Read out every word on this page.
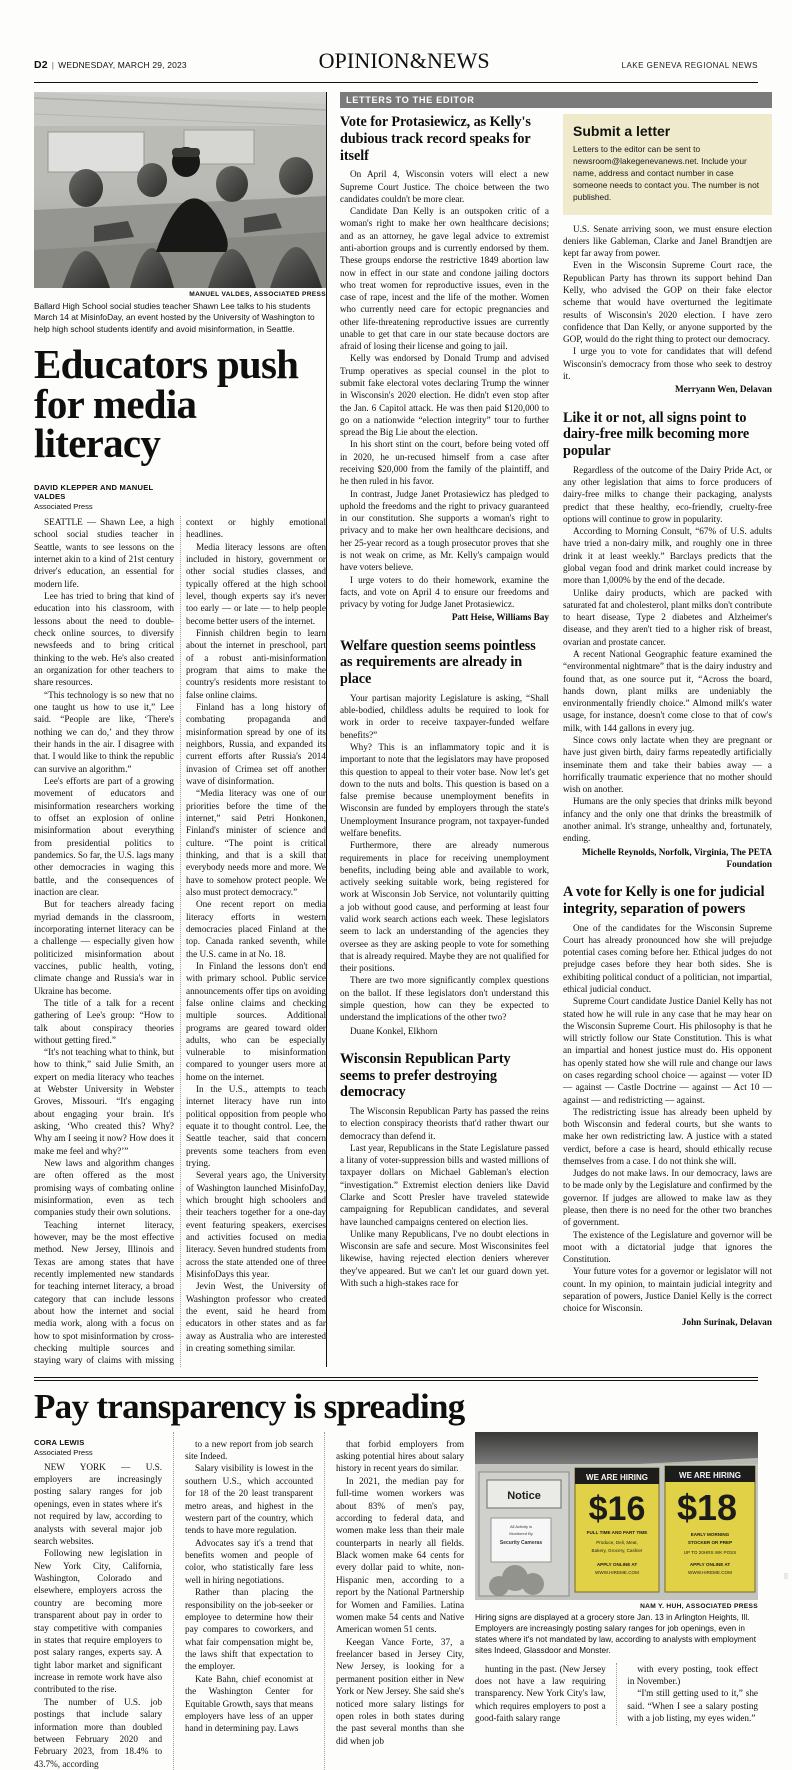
D2 | WEDNESDAY, MARCH 29, 2023	OPINION&NEWS	LAKE GENEVA REGIONAL NEWS
MANUEL VALDES, ASSOCIATED PRESS
Ballard High School social studies teacher Shawn Lee talks to his students March 14 at MisinfoDay, an event hosted by the University of Washington to help high school students identify and avoid misinformation, in Seattle.
Educators push for media literacy
DAVID KLEPPER AND MANUEL VALDES
Associated Press

SEATTLE — Shawn Lee, a high school social studies teacher in Seattle, wants to see lessons on the internet akin to a kind of 21st century driver's education, an essential for modern life.

Lee has tried to bring that kind of education into his classroom, with lessons about the need to double-check online sources, to diversify newsfeeds and to bring critical thinking to the web. He's also created an organization for other teachers to share resources.

“This technology is so new that no one taught us how to use it,” Lee said. “People are like, ‘There's nothing we can do,’ and they throw their hands in the air. I disagree with that. I would like to think the republic can survive an algorithm.”

Lee's efforts are part of a growing movement of educators and misinformation researchers working to offset an explosion of online misinformation about everything from presidential politics to pandemics. So far, the U.S. lags many other democracies in waging this battle, and the consequences of inaction are clear.

But for teachers already facing myriad demands in the classroom, incorporating internet literacy can be a challenge — especially given how politicized misinformation about vaccines, public health, voting, climate change and Russia's war in Ukraine has become.

The title of a talk for a recent gathering of Lee's group: “How to talk about conspiracy theories without getting fired.”

“It's not teaching what to think, but how to think,” said Julie Smith, an expert on media literacy who teaches at Webster University in Webster Groves, Missouri. “It's engaging about engaging your brain. It's asking, ‘Who created this? Why? Why am I seeing it now? How does it make me feel and why?’”

New laws and algorithm changes are often offered as the most promising ways of combating online misinformation, even as tech companies study their own solutions.

Teaching internet literacy, however, may be the most effective method. New Jersey, Illinois and Texas are among states that have recently implemented new standards for teaching internet literacy, a broad category that can include lessons about how the internet and social media work, along with a focus on how to spot misinformation by cross-checking multiple sources and staying wary of claims with missing context or highly emotional headlines.

Media literacy lessons are often included in history, government or other social studies classes, and typically offered at the high school level, though experts say it's never too early — or late — to help people become better users of the internet.

Finnish children begin to learn about the internet in preschool, part of a robust anti-misinformation program that aims to make the country's residents more resistant to false online claims.

Finland has a long history of combating propaganda and misinformation spread by one of its neighbors, Russia, and expanded its current efforts after Russia's 2014 invasion of Crimea set off another wave of disinformation.

“Media literacy was one of our priorities before the time of the internet,” said Petri Honkonen, Finland's minister of science and culture. “The point is critical thinking, and that is a skill that everybody needs more and more. We have to somehow protect people. We also must protect democracy.”

One recent report on media literacy efforts in western democracies placed Finland at the top. Canada ranked seventh, while the U.S. came in at No. 18.

In Finland the lessons don't end with primary school. Public service announcements offer tips on avoiding false online claims and checking multiple sources. Additional programs are geared toward older adults, who can be especially vulnerable to misinformation compared to younger users more at home on the internet.

In the U.S., attempts to teach internet literacy have run into political opposition from people who equate it to thought control. Lee, the Seattle teacher, said that concern prevents some teachers from even trying.

Several years ago, the University of Washington launched MisinfoDay, which brought high schoolers and their teachers together for a one-day event featuring speakers, exercises and activities focused on media literacy. Seven hundred students from across the state attended one of three MisinfoDays this year.

Jevin West, the University of Washington professor who created the event, said he heard from educators in other states and as far away as Australia who are interested in creating something similar.

LETTERS TO THE EDITOR
Vote for Protasiewicz, as Kelly's dubious track record speaks for itself

On April 4, Wisconsin voters will elect a new Supreme Court Justice. The choice between the two candidates couldn't be more clear.

Candidate Dan Kelly is an outspoken critic of a woman's right to make her own healthcare decisions; and as an attorney, he gave legal advice to extremist anti-abortion groups and is currently endorsed by them. These groups endorse the restrictive 1849 abortion law now in effect in our state and condone jailing doctors who treat women for reproductive issues, even in the case of rape, incest and the life of the mother. Women who currently need care for ectopic pregnancies and other life-threatening reproductive issues are currently unable to get that care in our state because doctors are afraid of losing their license and going to jail.

Kelly was endorsed by Donald Trump and advised Trump operatives as special counsel in the plot to submit fake electoral votes declaring Trump the winner in Wisconsin's 2020 election. He didn't even stop after the Jan. 6 Capitol attack. He was then paid $120,000 to go on a nationwide “election integrity” tour to further spread the Big Lie about the election.

In his short stint on the court, before being voted off in 2020, he un-recused himself from a case after receiving $20,000 from the family of the plaintiff, and he then ruled in his favor.

In contrast, Judge Janet Protasiewicz has pledged to uphold the freedoms and the right to privacy guaranteed in our constitution. She supports a woman's right to privacy and to make her own healthcare decisions, and her 25-year record as a tough prosecutor proves that she is not weak on crime, as Mr. Kelly's campaign would have voters believe.

I urge voters to do their homework, examine the facts, and vote on April 4 to ensure our freedoms and privacy by voting for Judge Janet Protasiewicz.

Patt Heise, Williams Bay
Welfare question seems pointless as requirements are already in place

Your partisan majority Legislature is asking, “Shall able-bodied, childless adults be required to look for work in order to receive taxpayer-funded welfare benefits?”

Why? This is an inflammatory topic and it is important to note that the legislators may have proposed this question to appeal to their voter base. Now let's get down to the nuts and bolts. This question is based on a false premise because unemployment benefits in Wisconsin are funded by employers through the state's Unemployment Insurance program, not taxpayer-funded welfare benefits.

Furthermore, there are already numerous requirements in place for receiving unemployment benefits, including being able and available to work, actively seeking suitable work, being registered for work at Wisconsin Job Service, not voluntarily quitting a job without good cause, and performing at least four valid work search actions each week. These legislators seem to lack an understanding of the agencies they oversee as they are asking people to vote for something that is already required. Maybe they are not qualified for their positions.

There are two more significantly complex questions on the ballot. If these legislators don't understand this simple question, how can they be expected to understand the implications of the other two?

Duane Konkel, Elkhorn
Wisconsin Republican Party seems to prefer destroying democracy

The Wisconsin Republican Party has passed the reins to election conspiracy theorists that'd rather thwart our democracy than defend it.

Last year, Republicans in the State Legislature passed a litany of voter-suppression bills and wasted millions of taxpayer dollars on Michael Gableman's election “investigation.” Extremist election deniers like David Clarke and Scott Presler have traveled statewide campaigning for Republican candidates, and several have launched campaigns centered on election lies.

Unlike many Republicans, I've no doubt elections in Wisconsin are safe and secure. Most Wisconsinites feel likewise, having rejected election deniers wherever they've appeared. But we can't let our guard down yet. With such a high-stakes race for

Submit a letter

Letters to the editor can be sent to newsroom@lakegenevanews.net. Include your name, address and contact number in case someone needs to contact you. The number is not published.

U.S. Senate arriving soon, we must ensure election deniers like Gableman, Clarke and Janel Brandtjen are kept far away from power.

Even in the Wisconsin Supreme Court race, the Republican Party has thrown its support behind Dan Kelly, who advised the GOP on their fake elector scheme that would have overturned the legitimate results of Wisconsin's 2020 election. I have zero confidence that Dan Kelly, or anyone supported by the GOP, would do the right thing to protect our democracy.

I urge you to vote for candidates that will defend Wisconsin's democracy from those who seek to destroy it.

Merryann Wen, Delavan
Like it or not, all signs point to dairy-free milk becoming more popular

Regardless of the outcome of the Dairy Pride Act, or any other legislation that aims to force producers of dairy-free milks to change their packaging, analysts predict that these healthy, eco-friendly, cruelty-free options will continue to grow in popularity.

According to Morning Consult, “67% of U.S. adults have tried a non-dairy milk, and roughly one in three drink it at least weekly.” Barclays predicts that the global vegan food and drink market could increase by more than 1,000% by the end of the decade.

Unlike dairy products, which are packed with saturated fat and cholesterol, plant milks don't contribute to heart disease, Type 2 diabetes and Alzheimer's disease, and they aren't tied to a higher risk of breast, ovarian and prostate cancer.

A recent National Geographic feature examined the “environmental nightmare” that is the dairy industry and found that, as one source put it, “Across the board, hands down, plant milks are undeniably the environmentally friendly choice.” Almond milk's water usage, for instance, doesn't come close to that of cow's milk, with 144 gallons in every jug.

Since cows only lactate when they are pregnant or have just given birth, dairy farms repeatedly artificially inseminate them and take their babies away — a horrifically traumatic experience that no mother should wish on another.

Humans are the only species that drinks milk beyond infancy and the only one that drinks the breastmilk of another animal. It's strange, unhealthy and, fortunately, ending.

Michelle Reynolds, Norfolk, Virginia, The PETA Foundation
A vote for Kelly is one for judicial integrity, separation of powers

One of the candidates for the Wisconsin Supreme Court has already pronounced how she will prejudge potential cases coming before her. Ethical judges do not prejudge cases before they hear both sides. She is exhibiting political conduct of a politician, not impartial, ethical judicial conduct.

Supreme Court candidate Justice Daniel Kelly has not stated how he will rule in any case that he may hear on the Wisconsin Supreme Court. His philosophy is that he will strictly follow our State Constitution. This is what an impartial and honest justice must do. His opponent has openly stated how she will rule and change our laws on cases regarding school choice — against — voter ID — against — Castle Doctrine — against — Act 10 —against — and redistricting — against.

The redistricting issue has already been upheld by both Wisconsin and federal courts, but she wants to make her own redistricting law. A justice with a stated verdict, before a case is heard, should ethically recuse themselves from a case. I do not think she will.

Judges do not make laws. In our democracy, laws are to be made only by the Legislature and confirmed by the governor. If judges are allowed to make law as they please, then there is no need for the other two branches of government.

The existence of the Legislature and governor will be moot with a dictatorial judge that ignores the Constitution.

Your future votes for a governor or legislator will not count. In my opinion, to maintain judicial integrity and separation of powers, Justice Daniel Kelly is the correct choice for Wisconsin.

John Surinak, Delavan
Pay transparency is spreading
CORA LEWIS
Associated Press

NEW YORK — U.S. employers are increasingly posting salary ranges for job openings, even in states where it's not required by law, according to analysts with several major job search websites.

Following new legislation in New York City, California, Washington, Colorado and elsewhere, employers across the country are becoming more transparent about pay in order to stay competitive with companies in states that require employers to post salary ranges, experts say. A tight labor market and significant increase in remote work have also contributed to the rise.

The number of U.S. job postings that include salary information more than doubled between February 2020 and February 2023, from 18.4% to 43.7%, according

to a new report from job search site Indeed.

Salary visibility is lowest in the southern U.S., which accounted for 18 of the 20 least transparent metro areas, and highest in the western part of the country, which tends to have more regulation.

Advocates say it's a trend that benefits women and people of color, who statistically fare less well in hiring negotiations.

Rather than placing the responsibility on the job-seeker or employee to determine how their pay compares to coworkers, and what fair compensation might be, the laws shift that expectation to the employer.

Kate Bahn, chief economist at the Washington Center for Equitable Growth, says that means employers have less of an upper hand in determining pay. Laws

that forbid employers from asking potential hires about salary history in recent years do similar.

In 2021, the median pay for full-time women workers was about 83% of men's pay, according to federal data, and women make less than their male counterparts in nearly all fields. Black women make 64 cents for every dollar paid to white, non-Hispanic men, according to a report by the National Partnership for Women and Families. Latina women make 54 cents and Native American women 51 cents.

Keegan Vance Forte, 37, a freelancer based in Jersey City, New Jersey, is looking for a permanent position either in New York or New Jersey. She said she's noticed more salary listings for open roles in both states during the past several months than she did when job

Notice
All Activity is
Monitored By
Security Cameras
WE ARE HIRING
$16
FULL TIME AND PART TIME
Produce, Deli, Meat,
Bakery, Grocery, Cashier
APPLY ONLINE AT
WWW.HIREME.COM
WE ARE HIRING
$18
EARLY MORNING
STOCKER OR PREP
UP TO 20HRS WK POSS
APPLY ONLINE AT
WWW.HIREME.COM
NAM Y. HUH, ASSOCIATED PRESS
Hiring signs are displayed at a grocery store Jan. 13 in Arlington Heights, Ill. Employers are increasingly posting salary ranges for job openings, even in states where it's not mandated by law, according to analysts with employment sites Indeed, Glassdoor and Monster.

hunting in the past. (New Jersey does not have a law requiring transparency. New York City's law, which requires employers to post a good-faith salary range

with every posting, took effect in November.)

“I'm still getting used to it,” she said. “When I see a salary posting with a job listing, my eyes widen.”

00
